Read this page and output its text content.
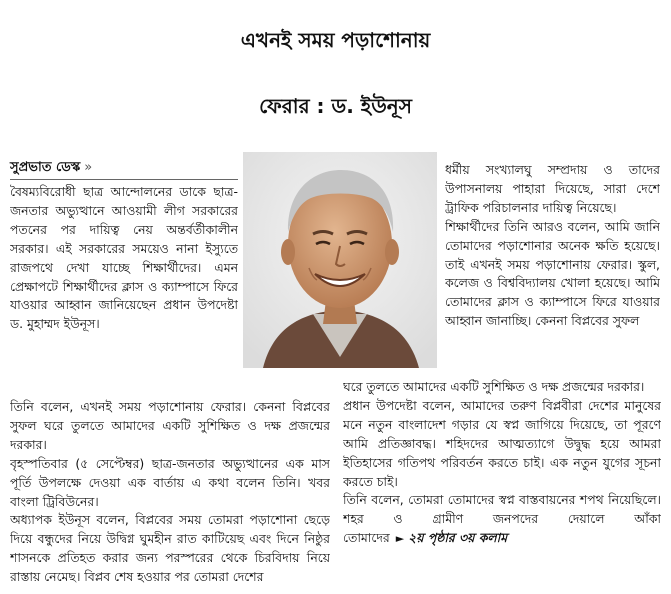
এখনই সময় পড়াশোনায়
ফেরার : ড. ইউনূস
সুপ্রভাত ডেস্ক »

বৈষম্যবিরোধী ছাত্র আন্দোলনের ডাকে ছাত্র-জনতার অভ্যুত্থানে আওয়ামী লীগ সরকারের পতনের পর দায়িত্ব নেয় অন্তর্বর্তীকালীন সরকার। এই সরকারের সময়েও নানা ইস্যুতে রাজপথে দেখা যাচ্ছে শিক্ষার্থীদের। এমন প্রেক্ষাপটে শিক্ষার্থীদের ক্লাস ও ক্যাম্পাসে ফিরে যাওয়ার আহ্বান জানিয়েছেন প্রধান উপদেষ্টা ড. মুহাম্মদ ইউনূস।

ধর্মীয় সংখ্যালঘু সম্প্রদায় ও তাদের উপাসনালয় পাহারা দিয়েছে, সারা দেশে ট্রাফিক পরিচালনার দায়িত্ব নিয়েছে।

শিক্ষার্থীদের তিনি আরও বলেন, আমি জানি তোমাদের পড়াশোনার অনেক ক্ষতি হয়েছে। তাই এখনই সময় পড়াশোনায় ফেরার। স্কুল, কলেজ ও বিশ্ববিদ্যালয় খোলা হয়েছে। আমি তোমাদের ক্লাস ও ক্যাম্পাসে ফিরে যাওয়ার আহ্বান জানাচ্ছি। কেননা বিপ্লবের সুফল

তিনি বলেন, এখনই সময় পড়াশোনায় ফেরার। কেননা বিপ্লবের সুফল ঘরে তুলতে আমাদের একটি সুশিক্ষিত ও দক্ষ প্রজন্মের দরকার।

বৃহস্পতিবার (৫ সেপ্টেম্বর) ছাত্র-জনতার অভ্যুত্থানের এক মাস পূর্তি উপলক্ষে দেওয়া এক বার্তায় এ কথা বলেন তিনি। খবর বাংলা ট্রিবিউনের।

অধ্যাপক ইউনূস বলেন, বিপ্লবের সময় তোমরা পড়াশোনা ছেড়ে দিয়ে বন্ধুদের নিয়ে উদ্বিগ্ন ঘুমহীন রাত কাটিয়েছ এবং দিনে নিষ্ঠুর শাসনকে প্রতিহত করার জন্য পরস্পরের থেকে চিরবিদায় নিয়ে রাস্তায় নেমেছ। বিপ্লব শেষ হওয়ার পর তোমরা দেশের

ঘরে তুলতে আমাদের একটি সুশিক্ষিত ও দক্ষ প্রজন্মের দরকার।

প্রধান উপদেষ্টা বলেন, আমাদের তরুণ বিপ্লবীরা দেশের মানুষের মনে নতুন বাংলাদেশ গড়ার যে স্বপ্ন জাগিয়ে দিয়েছে, তা পূরণে আমি প্রতিজ্ঞাবদ্ধ। শহিদদের আত্মত্যাগে উদ্বুদ্ধ হয়ে আমরা ইতিহাসের গতিপথ পরিবর্তন করতে চাই। এক নতুন যুগের সূচনা করতে চাই।

তিনি বলেন, তোমরা তোমাদের স্বপ্ন বাস্তবায়নের শপথ নিয়েছিলে। শহর ও গ্রামীণ জনপদের দেয়ালে আঁকা তোমাদের ► ২য় পৃষ্ঠার ৩য় কলাম
